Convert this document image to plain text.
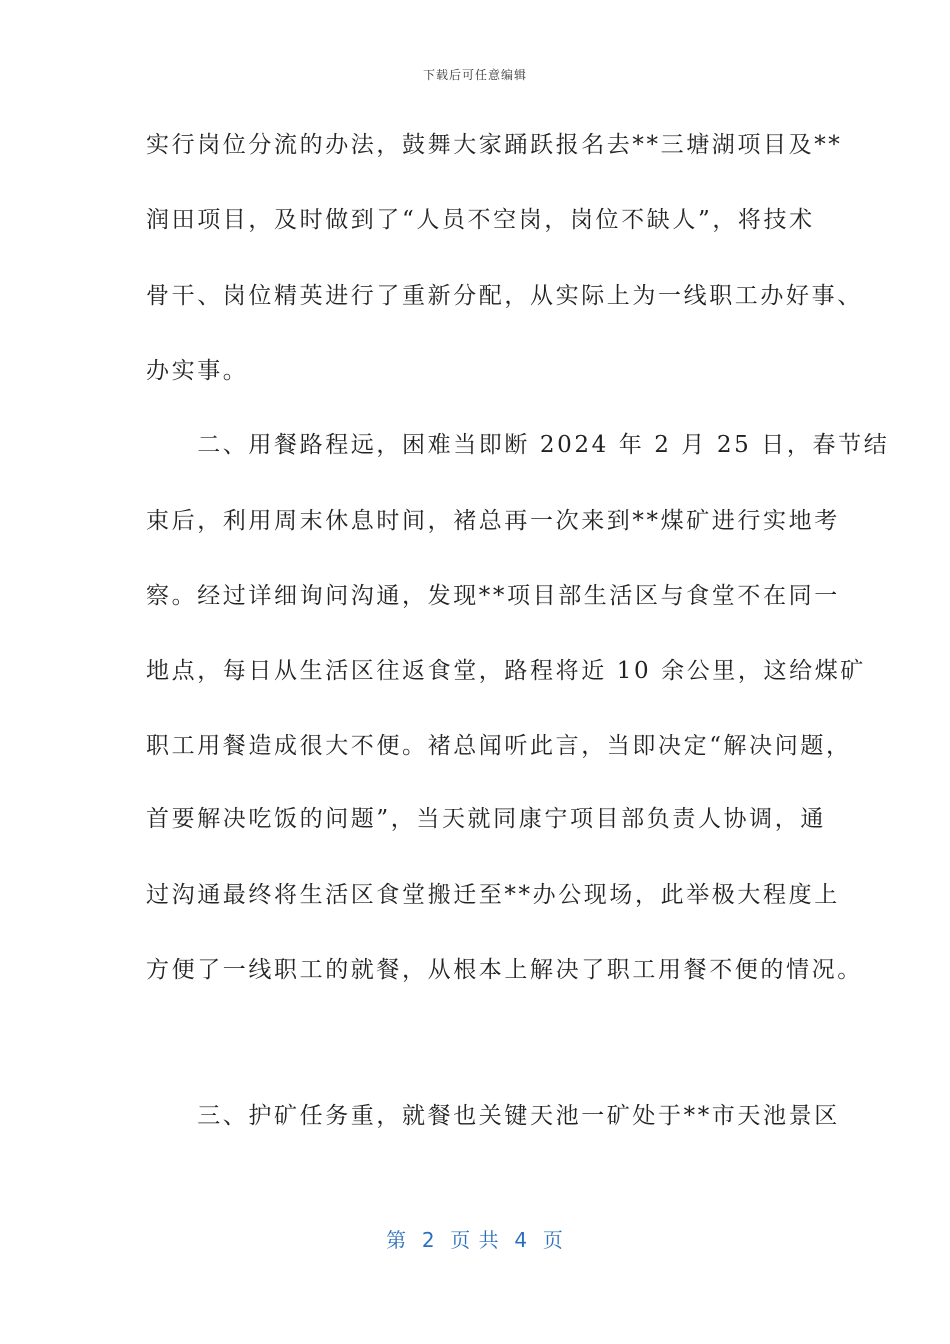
下载后可任意编辑
实行岗位分流的办法，鼓舞大家踊跃报名去**三塘湖项目及**
润田项目，及时做到了“人员不空岗，岗位不缺人”，将技术
骨干、岗位精英进行了重新分配，从实际上为一线职工办好事、
办实事。
　　二、用餐路程远，困难当即断 2024 年 2 月 25 日，春节结
束后，利用周末休息时间，褚总再一次来到**煤矿进行实地考
察。经过详细询问沟通，发现**项目部生活区与食堂不在同一
地点，每日从生活区往返食堂，路程将近 10 余公里，这给煤矿
职工用餐造成很大不便。褚总闻听此言，当即决定“解决问题，
首要解决吃饭的问题”，当天就同康宁项目部负责人协调，通
过沟通最终将生活区食堂搬迁至**办公现场，此举极大程度上
方便了一线职工的就餐，从根本上解决了职工用餐不便的情况。
　　三、护矿任务重，就餐也关键天池一矿处于**市天池景区
第  2  页 共  4  页
